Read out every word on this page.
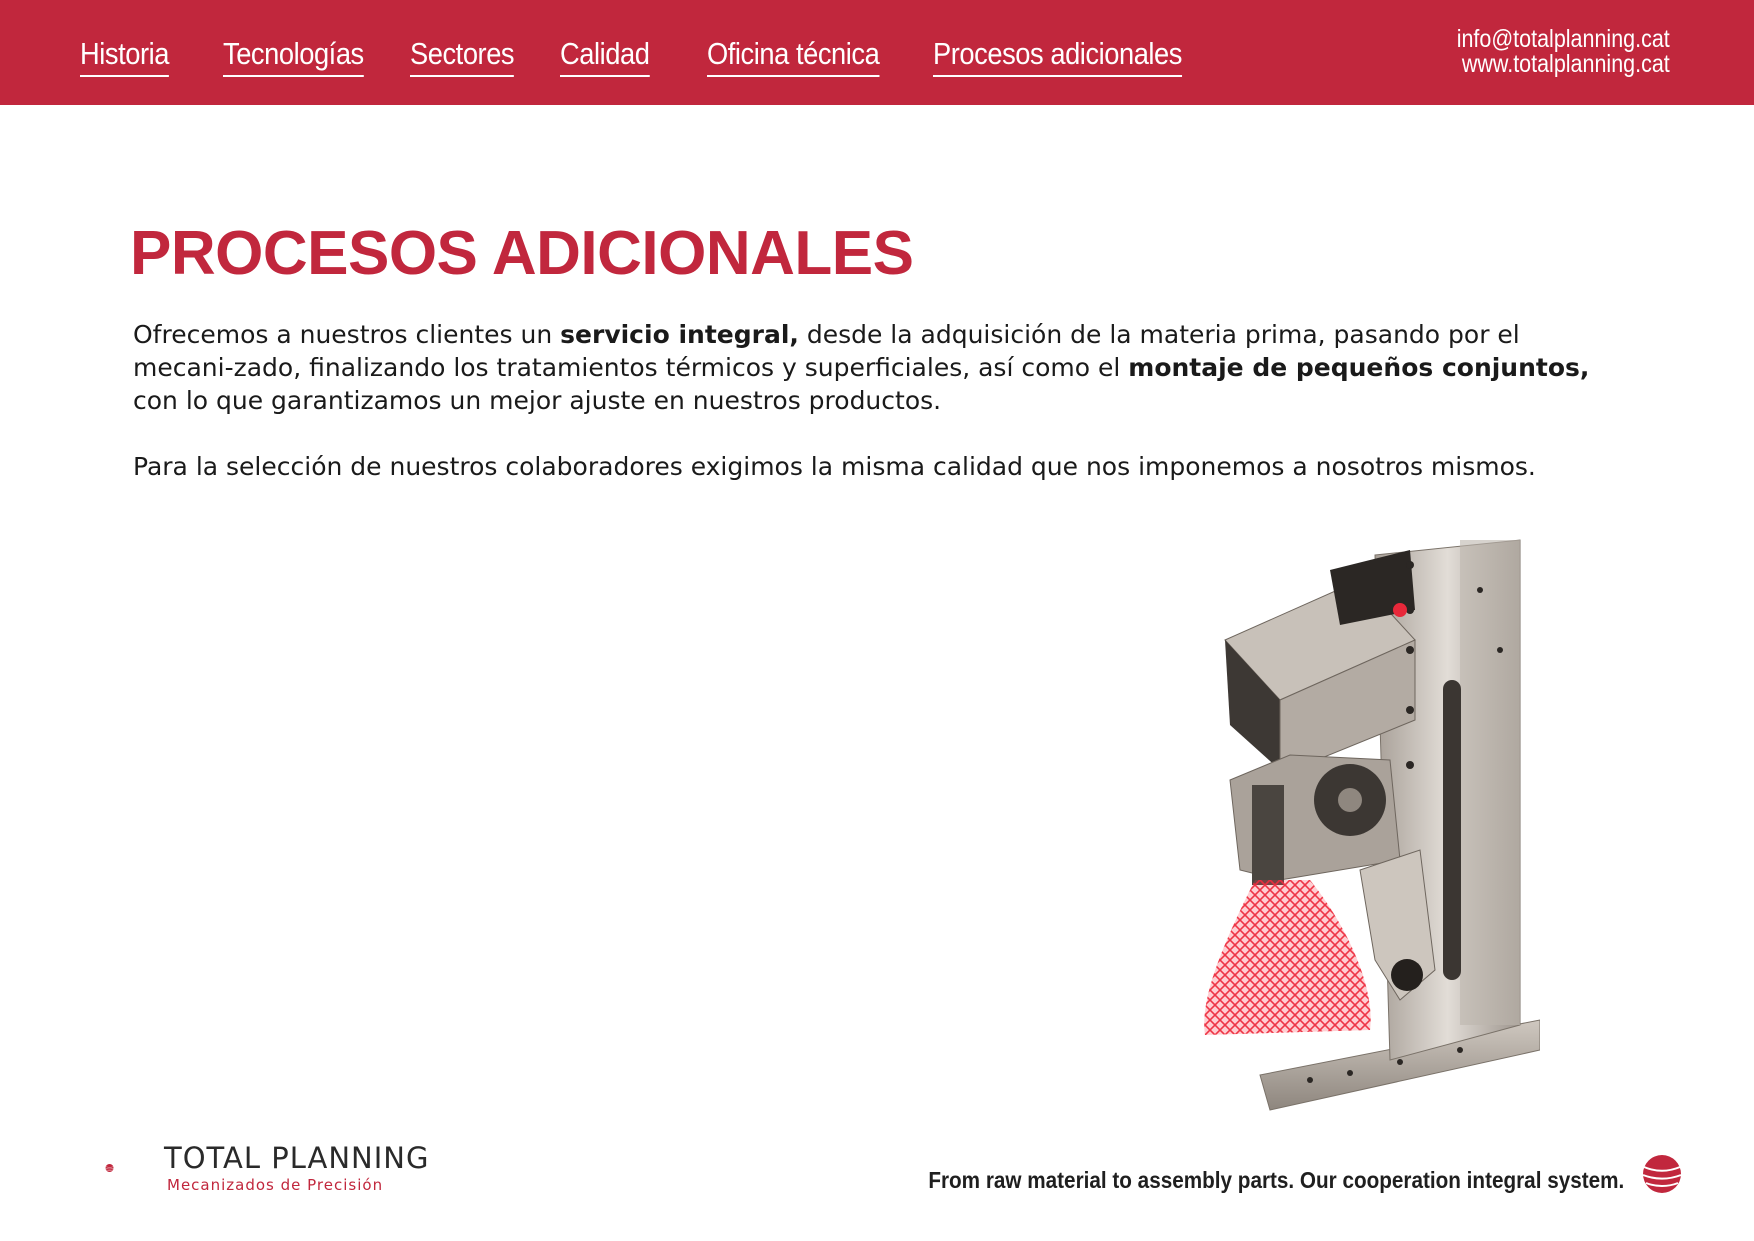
Historia Tecnologías Sectores Calidad Oficina técnica Procesos adicionales	info@totalplanning.cat
www.totalplanning.cat
PROCESOS ADICIONALES

Ofrecemos a nuestros clientes un servicio integral, desde la adquisición de la materia prima, pasando por el mecani-zado, finalizando los tratamientos térmicos y superficiales, así como el montaje de pequeños conjuntos, con lo que garantizamos un mejor ajuste en nuestros productos.

Para la selección de nuestros colaboradores exigimos la misma calidad que nos imponemos a nosotros mismos.

TOTAL PLANNING
Mecanizados de Precisión	From raw material to assembly parts. Our cooperation integral system.
